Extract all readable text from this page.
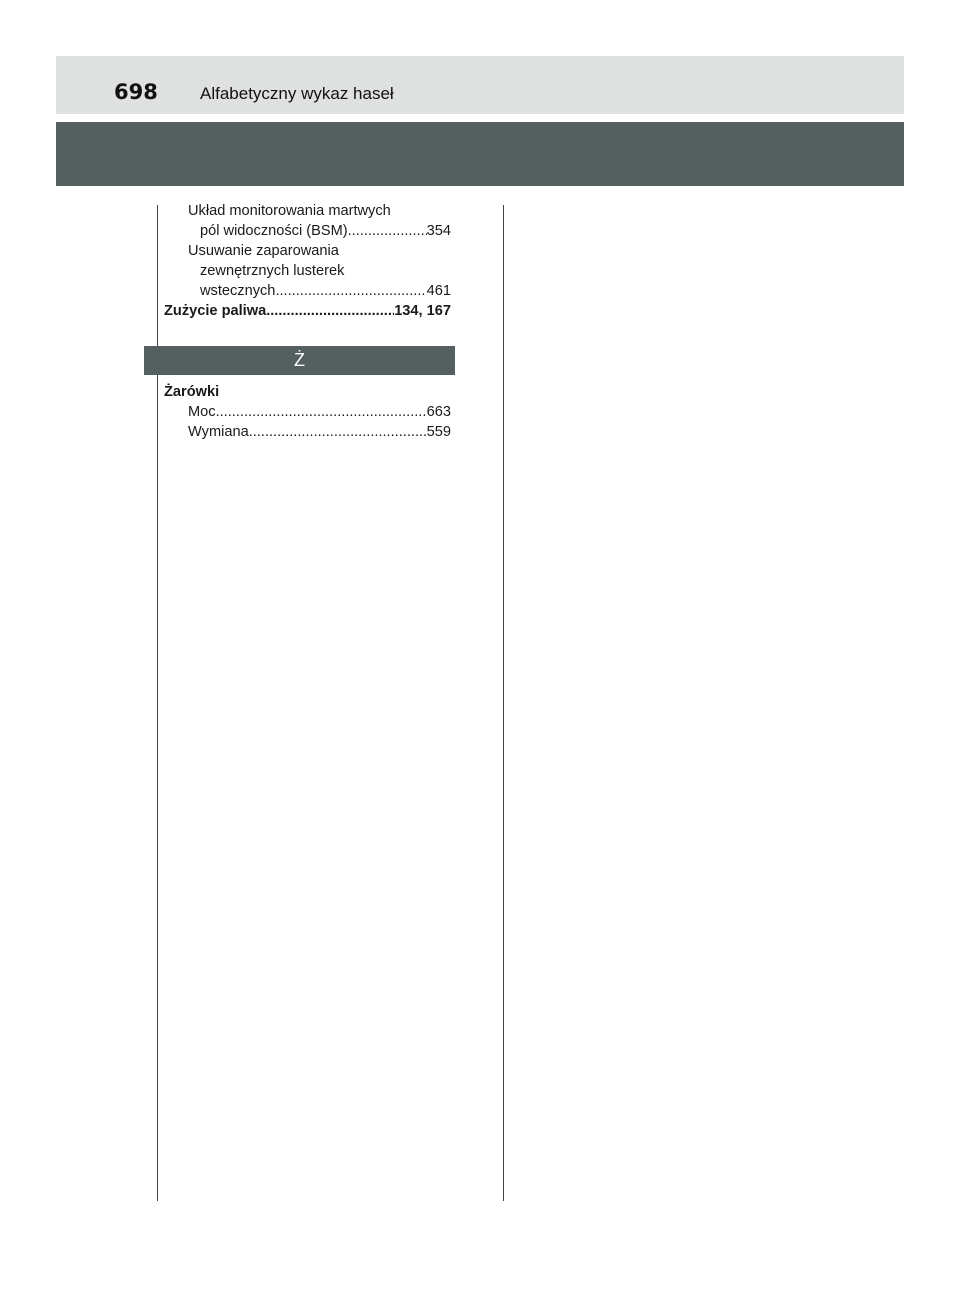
698 Alfabetyczny wykaz haseł
Układ monitorowania martwych
pól widoczności (BSM) .....	354
Usuwanie zaparowania
zewnętrznych lusterek
wstecznych .....	461
Zużycie paliwa .....	134, 167
Ż
Żarówki
Moc .....	663
Wymiana .....	559
